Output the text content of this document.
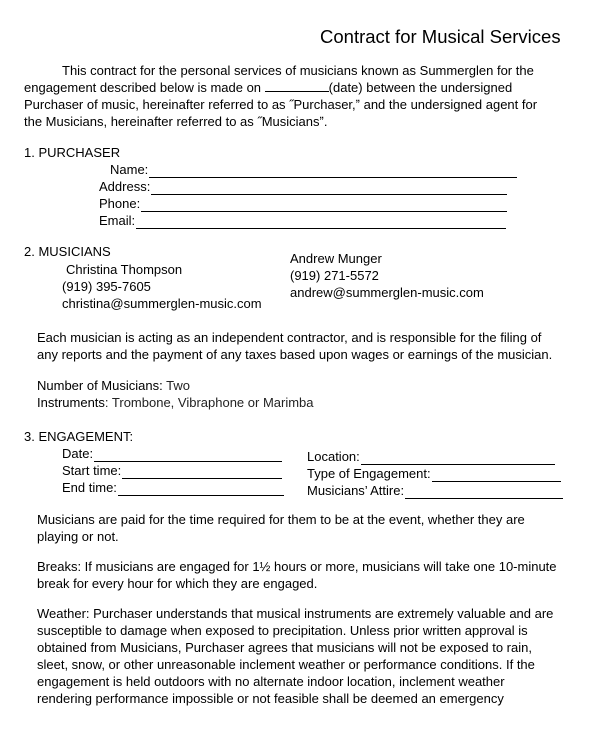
Contract for Musical Services
This contract for the personal services of musicians known as Summerglen for the
engagement described below is made on	(date) between the undersigned
Purchaser of music, hereinafter referred to as ˝Purchaser,ˮ and the undersigned agent for
the Musicians, hereinafter referred to as ˝Musiciansˮ.
1. PURCHASER
Name:
Address:
Phone:
Email:
2. MUSICIANS
Christina Thompson
(919) 395-7605
christina@summerglen-music.com
Andrew Munger
(919) 271-5572
andrew@summerglen-music.com
Each musician is acting as an independent contractor, and is responsible for the filing of
any reports and the payment of any taxes based upon wages or earnings of the musician.
Number of Musicians: Two
Instruments: Trombone, Vibraphone or Marimba
3. ENGAGEMENT:
Date:
Start time:
End time:
Location:
Type of Engagement:
Musicians’ Attire:
Musicians are paid for the time required for them to be at the event, whether they are
playing or not.
Breaks: If musicians are engaged for 1½ hours or more, musicians will take one 10-minute
break for every hour for which they are engaged.
Weather: Purchaser understands that musical instruments are extremely valuable and are
susceptible to damage when exposed to precipitation. Unless prior written approval is
obtained from Musicians, Purchaser agrees that musicians will not be exposed to rain,
sleet, snow, or other unreasonable inclement weather or performance conditions. If the
engagement is held outdoors with no alternate indoor location, inclement weather
rendering performance impossible or not feasible shall be deemed an emergency
